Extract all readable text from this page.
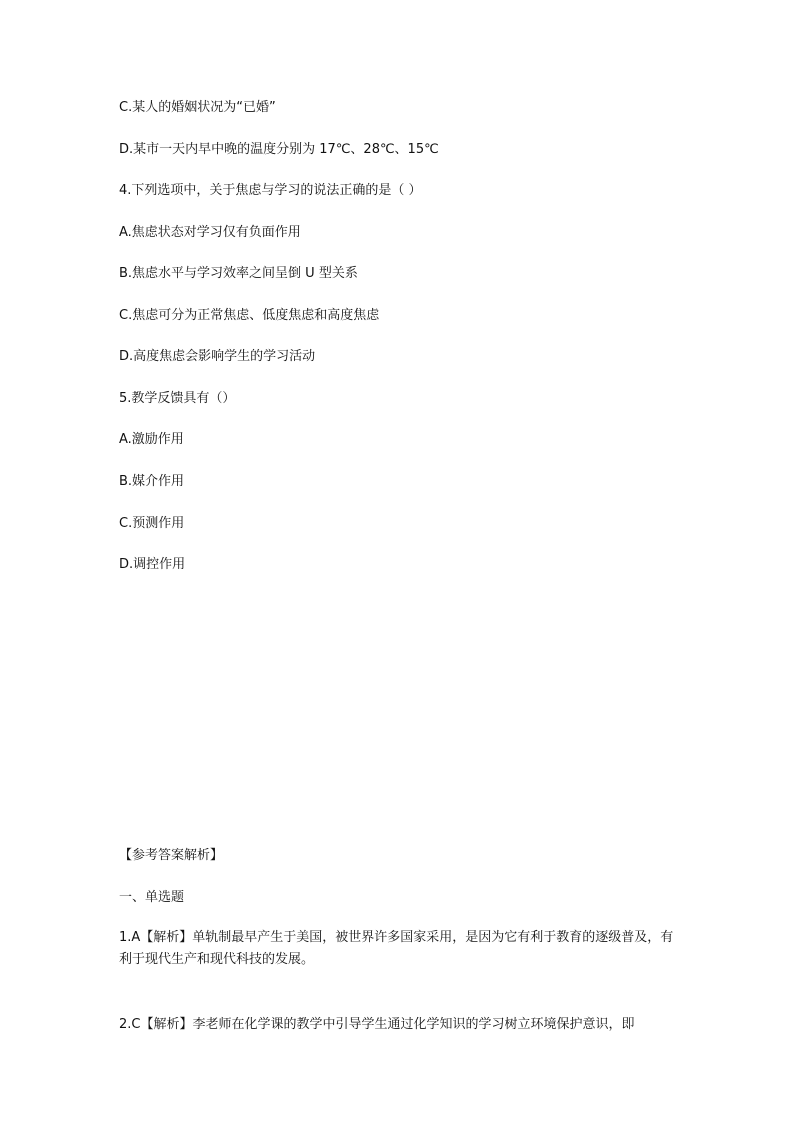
C.某人的婚姻状况为“已婚”
D.某市一天内早中晚的温度分别为 17℃、28℃、15℃
4.下列选项中，关于焦虑与学习的说法正确的是（ ）
A.焦虑状态对学习仅有负面作用
B.焦虑水平与学习效率之间呈倒 U 型关系
C.焦虑可分为正常焦虑、低度焦虑和高度焦虑
D.高度焦虑会影响学生的学习活动
5.教学反馈具有（）
A.激励作用
B.媒介作用
C.预测作用
D.调控作用
【参考答案解析】
一、单选题
1.A【解析】单轨制最早产生于美国，被世界许多国家采用，是因为它有利于教育的逐级普及，有利于现代生产和现代科技的发展。
2.C【解析】李老师在化学课的教学中引导学生通过化学知识的学习树立环境保护意识，即
